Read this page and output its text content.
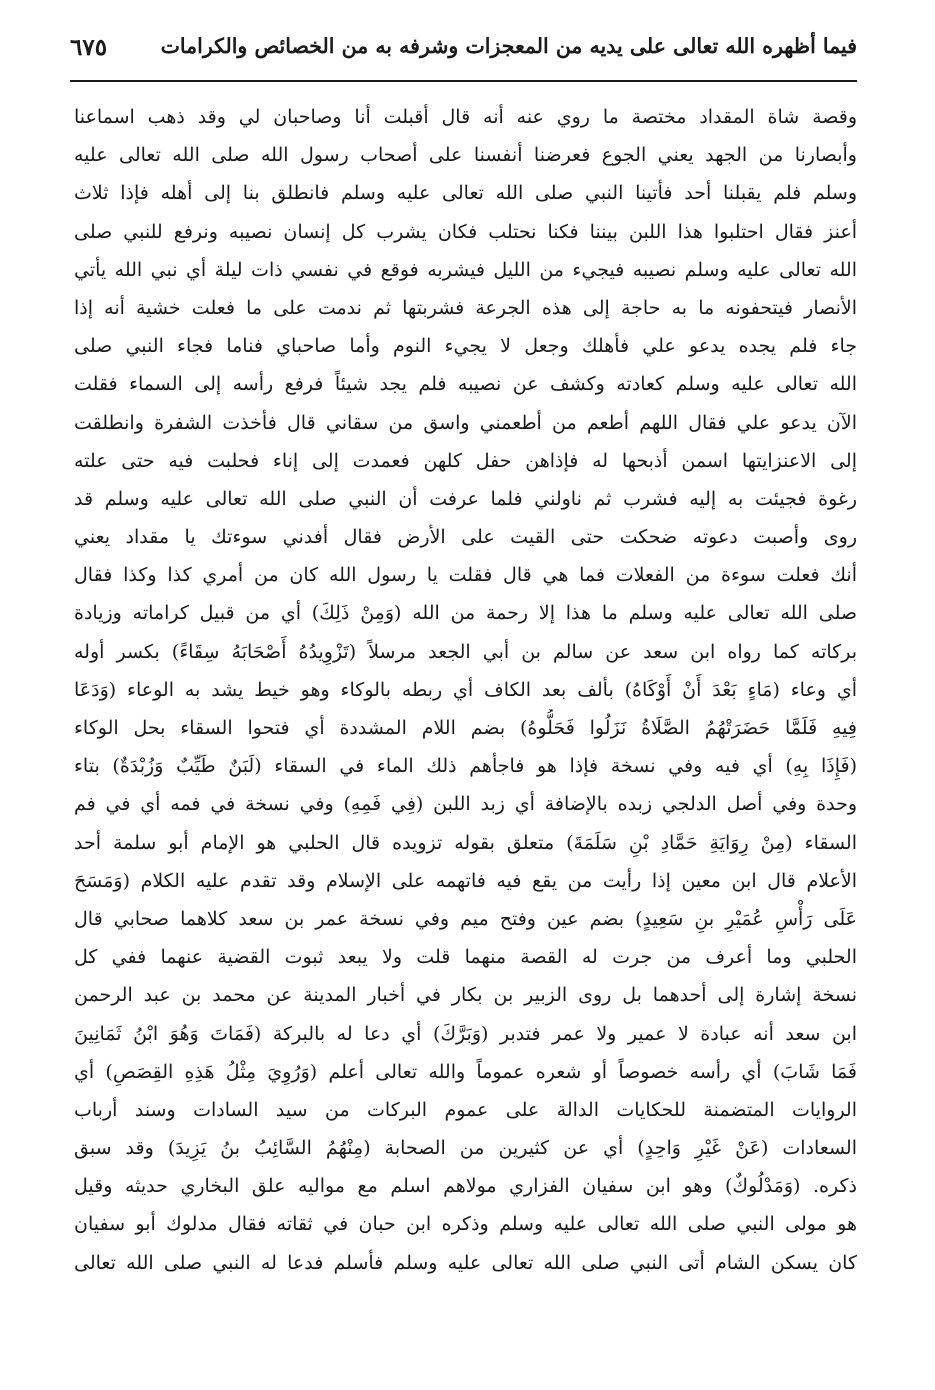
فيما أظهره الله تعالى على يديه من المعجزات وشرفه به من الخصائص والكرامات
٦٧٥
وقصة شاة المقداد مختصة ما روي عنه أنه قال أقبلت أنا وصاحبان لي وقد ذهب اسماعنا
وأبصارنا من الجهد يعني الجوع فعرضنا أنفسنا على أصحاب رسول الله صلى الله تعالى عليه
وسلم فلم يقبلنا أحد فأتينا النبي صلى الله تعالى عليه وسلم فانطلق بنا إلى أهله فإذا ثلاث
أعنز فقال احتلبوا هذا اللبن بيننا فكنا نحتلب فكان يشرب كل إنسان نصيبه ونرفع للنبي صلى
الله تعالى عليه وسلم نصيبه فيجيء من الليل فيشربه فوقع في نفسي ذات ليلة أي نبي الله يأتي
الأنصار فيتحفونه ما به حاجة إلى هذه الجرعة فشربتها ثم ندمت على ما فعلت خشية أنه إذا
جاء فلم يجده يدعو علي فأهلك وجعل لا يجيء النوم وأما صاحباي فناما فجاء النبي صلى
الله تعالى عليه وسلم كعادته وكشف عن نصيبه فلم يجد شيئاً فرفع رأسه إلى السماء فقلت
الآن يدعو علي فقال اللهم أطعم من أطعمني واسق من سقاني قال فأخذت الشفرة وانطلقت
إلى الاعنزايتها اسمن أذبحها له فإذاهن حفل كلهن فعمدت إلى إناء فحلبت فيه حتى علته
رغوة فجيئت به إليه فشرب ثم ناولني فلما عرفت أن النبي صلى الله تعالى عليه وسلم قد
روى وأصبت دعوته ضحكت حتى القيت على الأرض فقال أفدني سوءتك يا مقداد يعني
أنك فعلت سوءة من الفعلات فما هي قال فقلت يا رسول الله كان من أمري كذا وكذا فقال
صلى الله تعالى عليه وسلم ما هذا إلا رحمة من الله (وَمِنْ ذَلِكَ) أي من قبيل كراماته وزيادة
بركاته كما رواه ابن سعد عن سالم بن أبي الجعد مرسلاً (تَزْوِيدُهُ أَصْحَابَهُ سِقَاءً) بكسر أوله
أي وعاء (مَاءٍ بَعْدَ أَنْ أَوْكَاهُ) بألف بعد الكاف أي ربطه بالوكاء وهو خيط يشد به الوعاء (وَدَعَا
فِيهِ فَلَمَّا حَضَرَتْهُمُ الصَّلَاةُ نَزَلُوا فَحَلُّوهُ) بضم اللام المشددة أي فتحوا السقاء بحل الوكاء
(فَإِذَا بِهِ) أي فيه وفي نسخة فإذا هو فاجأهم ذلك الماء في السقاء (لَبَنٌ طَيِّبٌ وَزُبْدَةٌ) بتاء
وحدة وفي أصل الدلجي زبده بالإضافة أي زبد اللبن (فِي فَمِهِ) وفي نسخة في فمه أي في فم
السقاء (مِنْ رِوَايَةِ حَمَّادِ بْنِ سَلَمَةَ) متعلق بقوله تزويده قال الحلبي هو الإمام أبو سلمة أحد
الأعلام قال ابن معين إذا رأيت من يقع فيه فاتهمه على الإسلام وقد تقدم عليه الكلام (وَمَسَحَ
عَلَى رَأْسِ عُمَيْرِ بنِ سَعِيدٍ) بضم عين وفتح ميم وفي نسخة عمر بن سعد كلاهما صحابي قال
الحلبي وما أعرف من جرت له القصة منهما قلت ولا يبعد ثبوت القضية عنهما ففي كل
نسخة إشارة إلى أحدهما بل روى الزبير بن بكار في أخبار المدينة عن محمد بن عبد الرحمن
ابن سعد أنه عبادة لا عمير ولا عمر فتدبر (وَبَرَّكَ) أي دعا له بالبركة (فَمَاتَ وَهُوَ ابْنُ ثَمَانِينَ
فَمَا شَابَ) أي رأسه خصوصاً أو شعره عموماً والله تعالى أعلم (وَرُوِيَ مِثْلُ هَذِهِ القِصَصِ) أي
الروايات المتضمنة للحكايات الدالة على عموم البركات من سيد السادات وسند أرباب
السعادات (عَنْ غَيْرِ وَاحِدٍ) أي عن كثيرين من الصحابة (مِنْهُمُ السَّائِبُ بنُ يَزِيدَ) وقد سبق
ذكره. (وَمَدْلُوكٌ) وهو ابن سفيان الفزاري مولاهم اسلم مع مواليه علق البخاري حديثه وقيل
هو مولى النبي صلى الله تعالى عليه وسلم وذكره ابن حبان في ثقاته فقال مدلوك أبو سفيان
كان يسكن الشام أتى النبي صلى الله تعالى عليه وسلم فأسلم فدعا له النبي صلى الله تعالى
